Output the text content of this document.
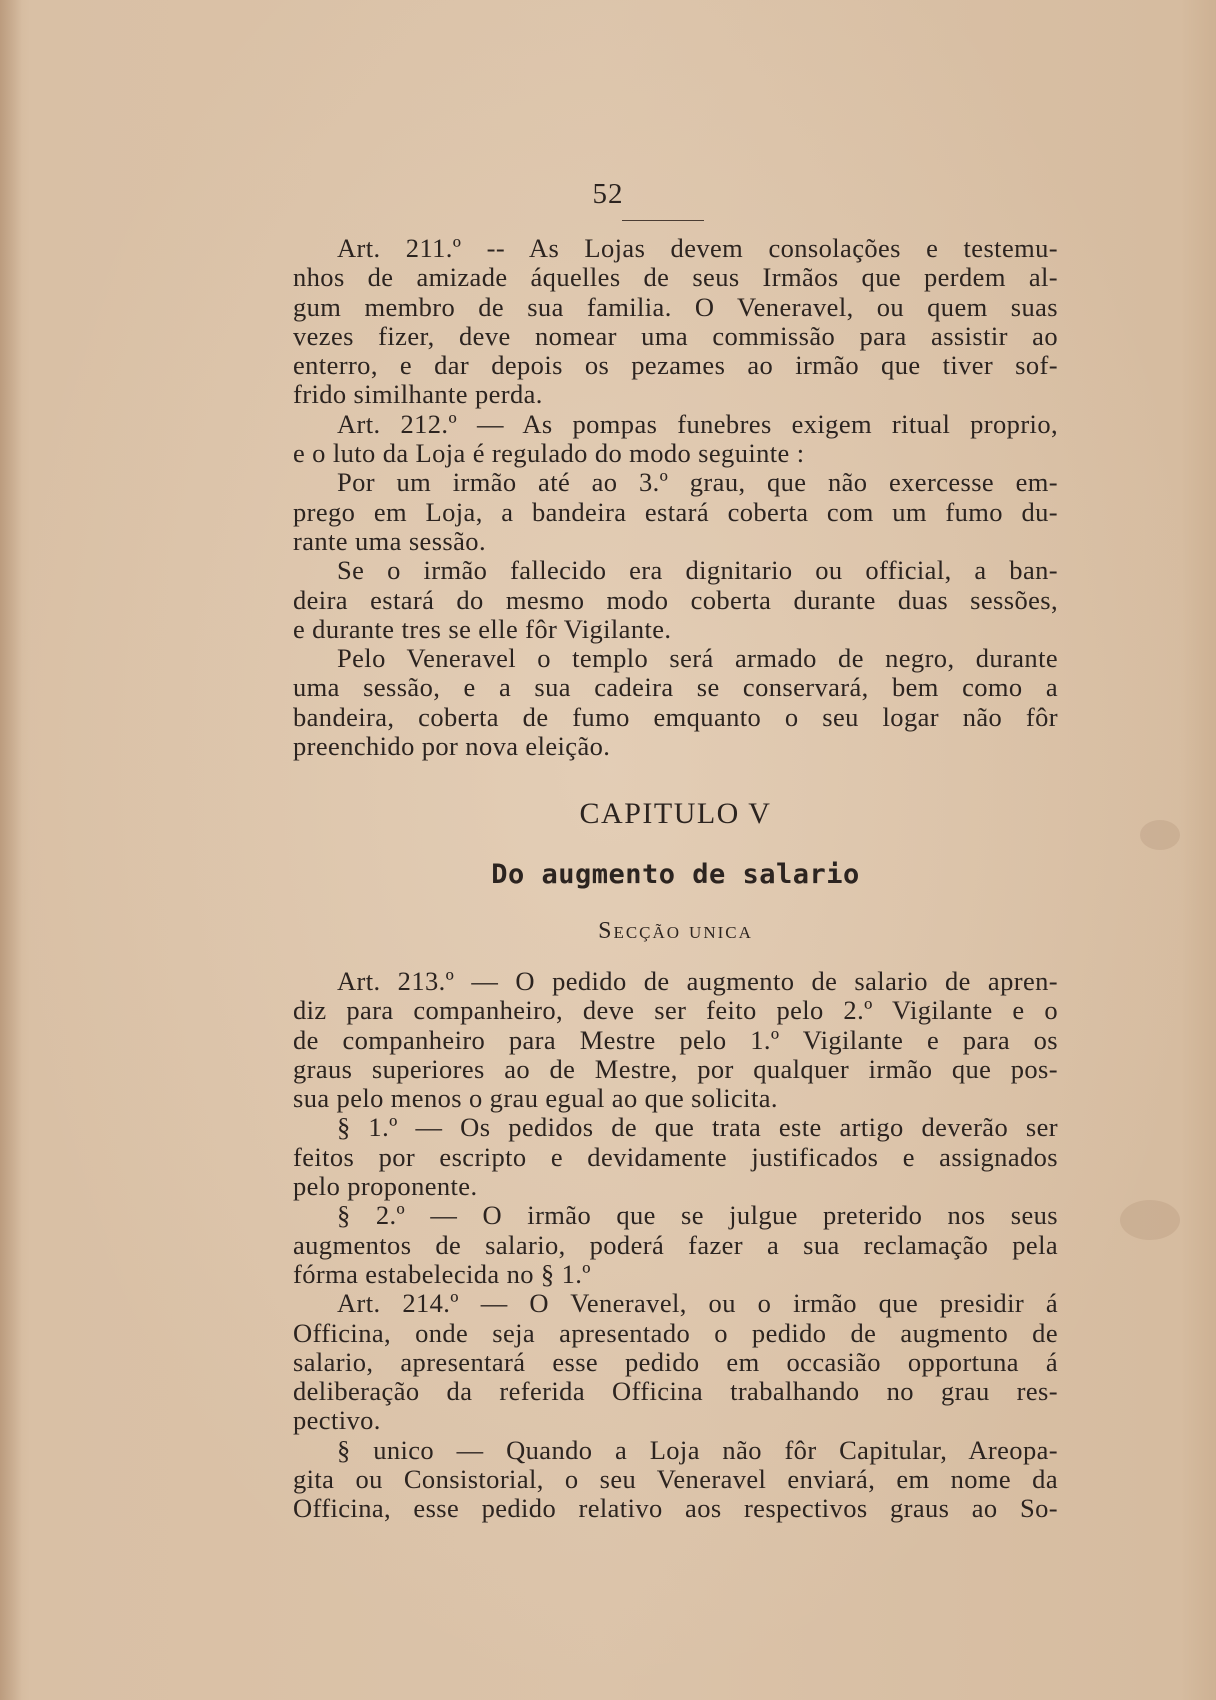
52
Art. 211.º -- As Lojas devem consolações e testemu-
nhos de amizade áquelles de seus Irmãos que perdem al-
gum membro de sua familia. O Veneravel, ou quem suas
vezes fizer, deve nomear uma commissão para assistir ao
enterro, e dar depois os pezames ao irmão que tiver sof-
frido similhante perda.
Art. 212.º — As pompas funebres exigem ritual proprio,
e o luto da Loja é regulado do modo seguinte :
Por um irmão até ao 3.º grau, que não exercesse em-
prego em Loja, a bandeira estará coberta com um fumo du-
rante uma sessão.
Se o irmão fallecido era dignitario ou official, a ban-
deira estará do mesmo modo coberta durante duas sessões,
e durante tres se elle fôr Vigilante.
Pelo Veneravel o templo será armado de negro, durante
uma sessão, e a sua cadeira se conservará, bem como a
bandeira, coberta de fumo emquanto o seu logar não fôr
preenchido por nova eleição.
CAPITULO V
Do augmento de salario
Secção unica
Art. 213.º — O pedido de augmento de salario de apren-
diz para companheiro, deve ser feito pelo 2.º Vigilante e o
de companheiro para Mestre pelo 1.º Vigilante e para os
graus superiores ao de Mestre, por qualquer irmão que pos-
sua pelo menos o grau egual ao que solicita.
§ 1.º — Os pedidos de que trata este artigo deverão ser
feitos por escripto e devidamente justificados e assignados
pelo proponente.
§ 2.º — O irmão que se julgue preterido nos seus
augmentos de salario, poderá fazer a sua reclamação pela
fórma estabelecida no § 1.º
Art. 214.º — O Veneravel, ou o irmão que presidir á
Officina, onde seja apresentado o pedido de augmento de
salario, apresentará esse pedido em occasião opportuna á
deliberação da referida Officina trabalhando no grau res-
pectivo.
§ unico — Quando a Loja não fôr Capitular, Areopa-
gita ou Consistorial, o seu Veneravel enviará, em nome da
Officina, esse pedido relativo aos respectivos graus ao So-
